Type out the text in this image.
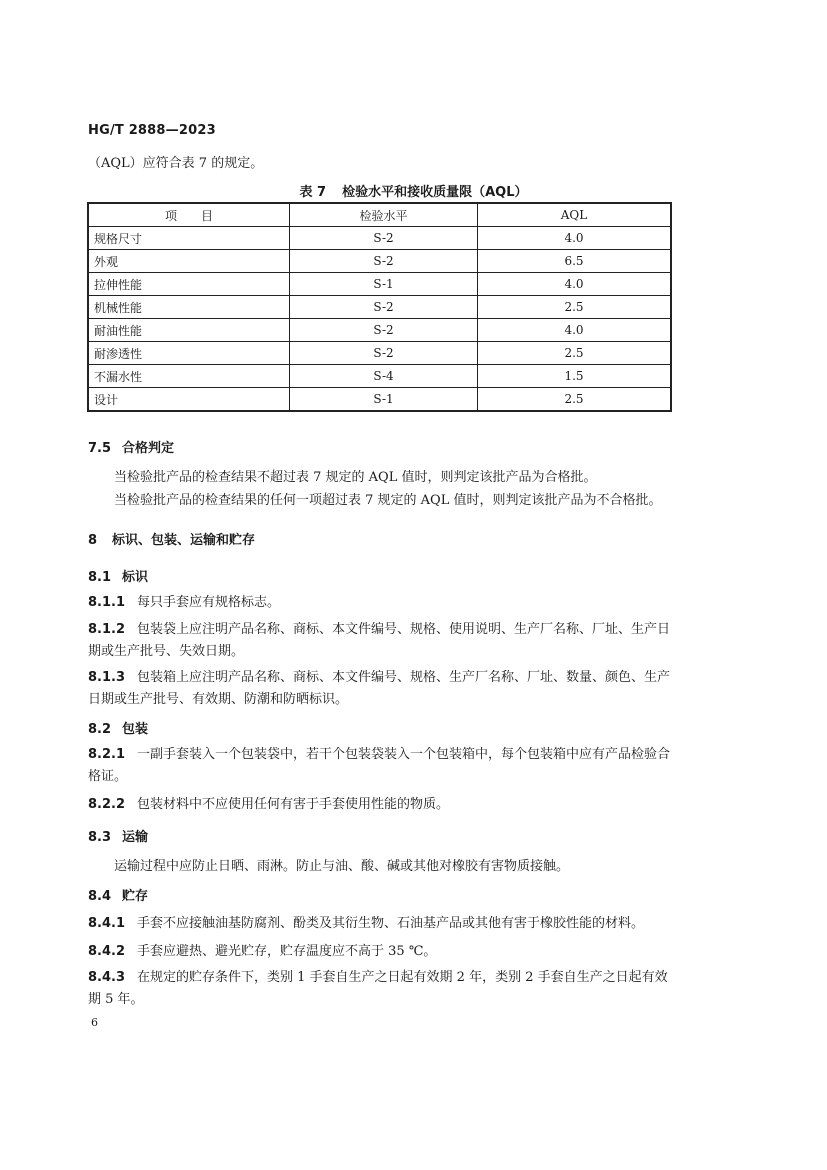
HG/T 2888—2023
（AQL）应符合表 7 的规定。
表 7 检验水平和接收质量限（AQL）
项　　目	检验水平	AQL
规格尺寸	S-2	4.0
外观	S-2	6.5
拉伸性能	S-1	4.0
机械性能	S-2	2.5
耐油性能	S-2	4.0
耐渗透性	S-2	2.5
不漏水性	S-4	1.5
设计	S-1	2.5
7.5 合格判定
当检验批产品的检查结果不超过表 7 规定的 AQL 值时，则判定该批产品为合格批。
当检验批产品的检查结果的任何一项超过表 7 规定的 AQL 值时，则判定该批产品为不合格批。
8 标识、包装、运输和贮存
8.1 标识
8.1.1 每只手套应有规格标志。
8.1.2 包装袋上应注明产品名称、商标、本文件编号、规格、使用说明、生产厂名称、厂址、生产日期或生产批号、失效日期。
8.1.3 包装箱上应注明产品名称、商标、本文件编号、规格、生产厂名称、厂址、数量、颜色、生产日期或生产批号、有效期、防潮和防晒标识。
8.2 包装
8.2.1 一副手套装入一个包装袋中，若干个包装袋装入一个包装箱中，每个包装箱中应有产品检验合格证。
8.2.2 包装材料中不应使用任何有害于手套使用性能的物质。
8.3 运输
运输过程中应防止日晒、雨淋。防止与油、酸、碱或其他对橡胶有害物质接触。
8.4 贮存
8.4.1 手套不应接触油基防腐剂、酚类及其衍生物、石油基产品或其他有害于橡胶性能的材料。
8.4.2 手套应避热、避光贮存，贮存温度应不高于 35 ℃。
8.4.3 在规定的贮存条件下，类别 1 手套自生产之日起有效期 2 年，类别 2 手套自生产之日起有效期 5 年。
6
